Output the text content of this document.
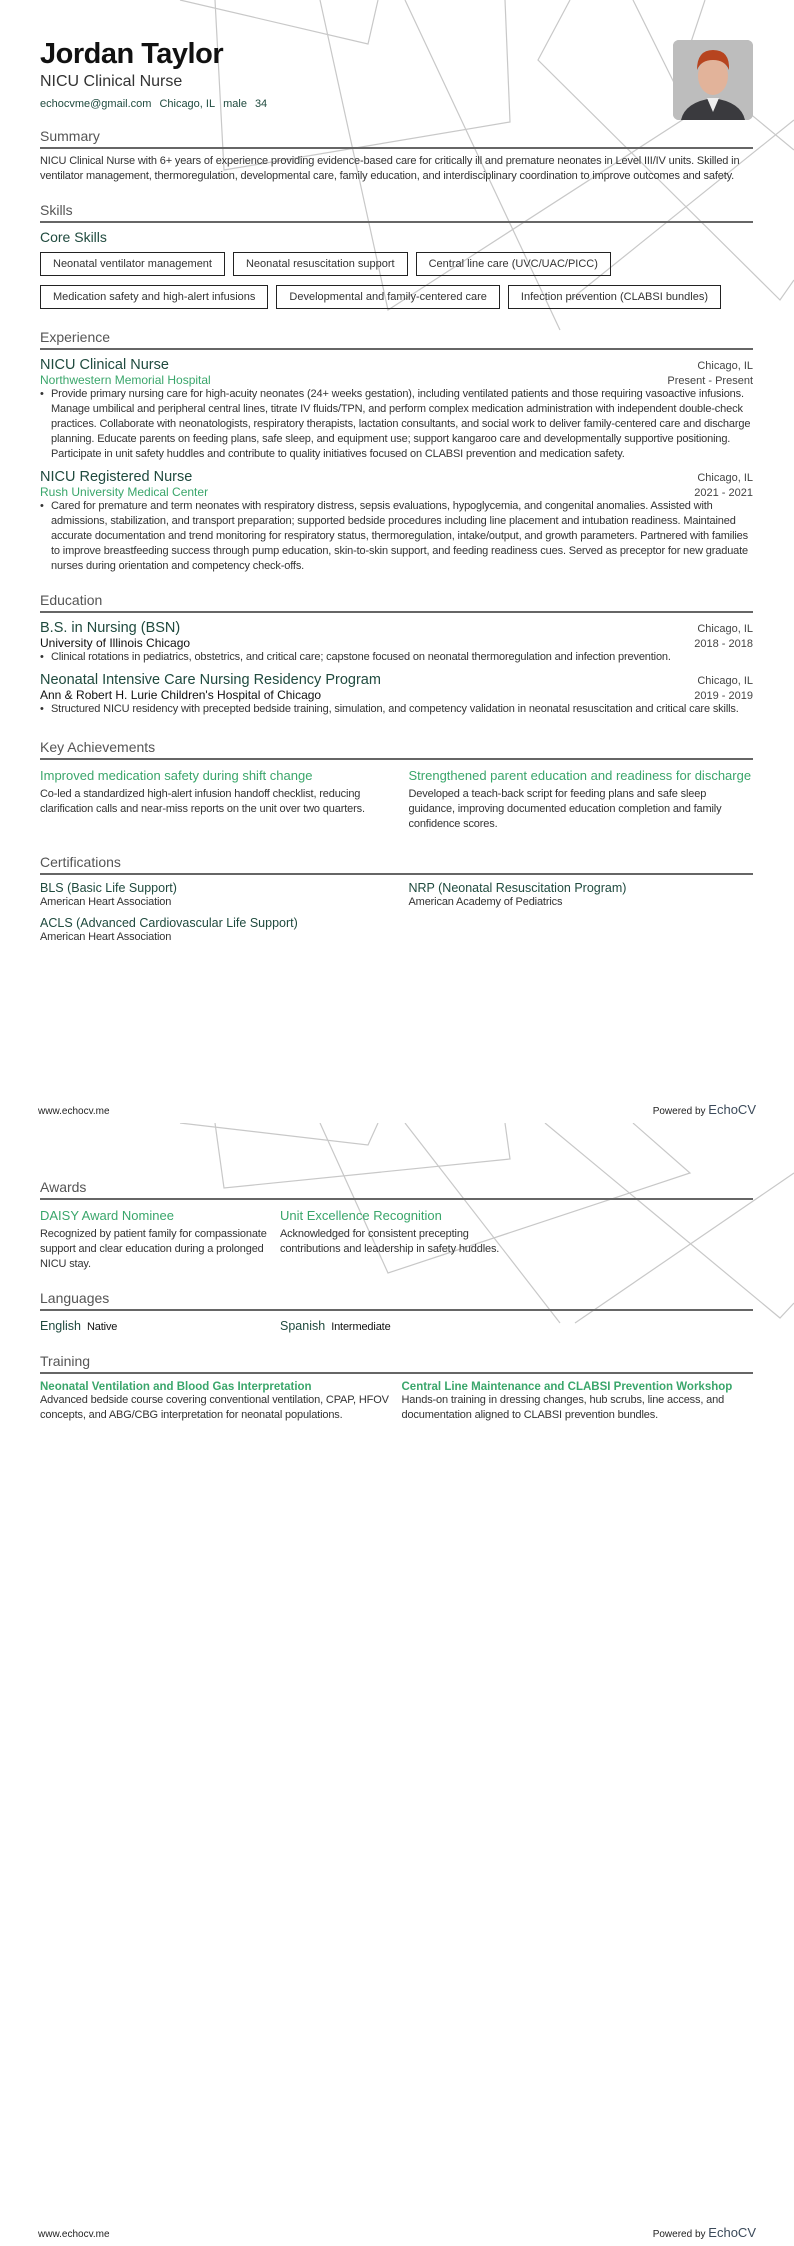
Jordan Taylor
NICU Clinical Nurse
echocvme@gmail.com Chicago, IL male 34
Summary
NICU Clinical Nurse with 6+ years of experience providing evidence-based care for critically ill and premature neonates in Level III/IV units. Skilled in ventilator management, thermoregulation, developmental care, family education, and interdisciplinary coordination to improve outcomes and safety.
Skills
Core Skills
Neonatal ventilator management	Neonatal resuscitation support	Central line care (UVC/UAC/PICC)
Medication safety and high-alert infusions	Developmental and family-centered care	Infection prevention (CLABSI bundles)
Experience
NICU Clinical Nurse	Chicago, IL
Northwestern Memorial Hospital	Present - Present
• Provide primary nursing care for high-acuity neonates (24+ weeks gestation), including ventilated patients and those requiring vasoactive infusions. Manage umbilical and peripheral central lines, titrate IV fluids/TPN, and perform complex medication administration with independent double-check practices. Collaborate with neonatologists, respiratory therapists, lactation consultants, and social work to deliver family-centered care and discharge planning. Educate parents on feeding plans, safe sleep, and equipment use; support kangaroo care and developmentally supportive positioning. Participate in unit safety huddles and contribute to quality initiatives focused on CLABSI prevention and medication safety.
NICU Registered Nurse	Chicago, IL
Rush University Medical Center	2021 - 2021
• Cared for premature and term neonates with respiratory distress, sepsis evaluations, hypoglycemia, and congenital anomalies. Assisted with admissions, stabilization, and transport preparation; supported bedside procedures including line placement and intubation readiness. Maintained accurate documentation and trend monitoring for respiratory status, thermoregulation, intake/output, and growth parameters. Partnered with families to improve breastfeeding success through pump education, skin-to-skin support, and feeding readiness cues. Served as preceptor for new graduate nurses during orientation and competency check-offs.
Education
B.S. in Nursing (BSN)	Chicago, IL
University of Illinois Chicago	2018 - 2018
• Clinical rotations in pediatrics, obstetrics, and critical care; capstone focused on neonatal thermoregulation and infection prevention.
Neonatal Intensive Care Nursing Residency Program	Chicago, IL
Ann & Robert H. Lurie Children's Hospital of Chicago	2019 - 2019
• Structured NICU residency with precepted bedside training, simulation, and competency validation in neonatal resuscitation and critical care skills.
Key Achievements
Improved medication safety during shift change
Co-led a standardized high-alert infusion handoff checklist, reducing clarification calls and near-miss reports on the unit over two quarters.
Strengthened parent education and readiness for discharge
Developed a teach-back script for feeding plans and safe sleep guidance, improving documented education completion and family confidence scores.
Certifications
BLS (Basic Life Support)
American Heart Association
NRP (Neonatal Resuscitation Program)
American Academy of Pediatrics
ACLS (Advanced Cardiovascular Life Support)
American Heart Association
www.echocv.me	Powered by EchoCV
Awards
DAISY Award Nominee
Recognized by patient family for compassionate support and clear education during a prolonged NICU stay.
Unit Excellence Recognition
Acknowledged for consistent precepting contributions and leadership in safety huddles.
Languages
English Native	Spanish Intermediate
Training
Neonatal Ventilation and Blood Gas Interpretation
Advanced bedside course covering conventional ventilation, CPAP, HFOV concepts, and ABG/CBG interpretation for neonatal populations.
Central Line Maintenance and CLABSI Prevention Workshop
Hands-on training in dressing changes, hub scrubs, line access, and documentation aligned to CLABSI prevention bundles.
www.echocv.me	Powered by EchoCV
